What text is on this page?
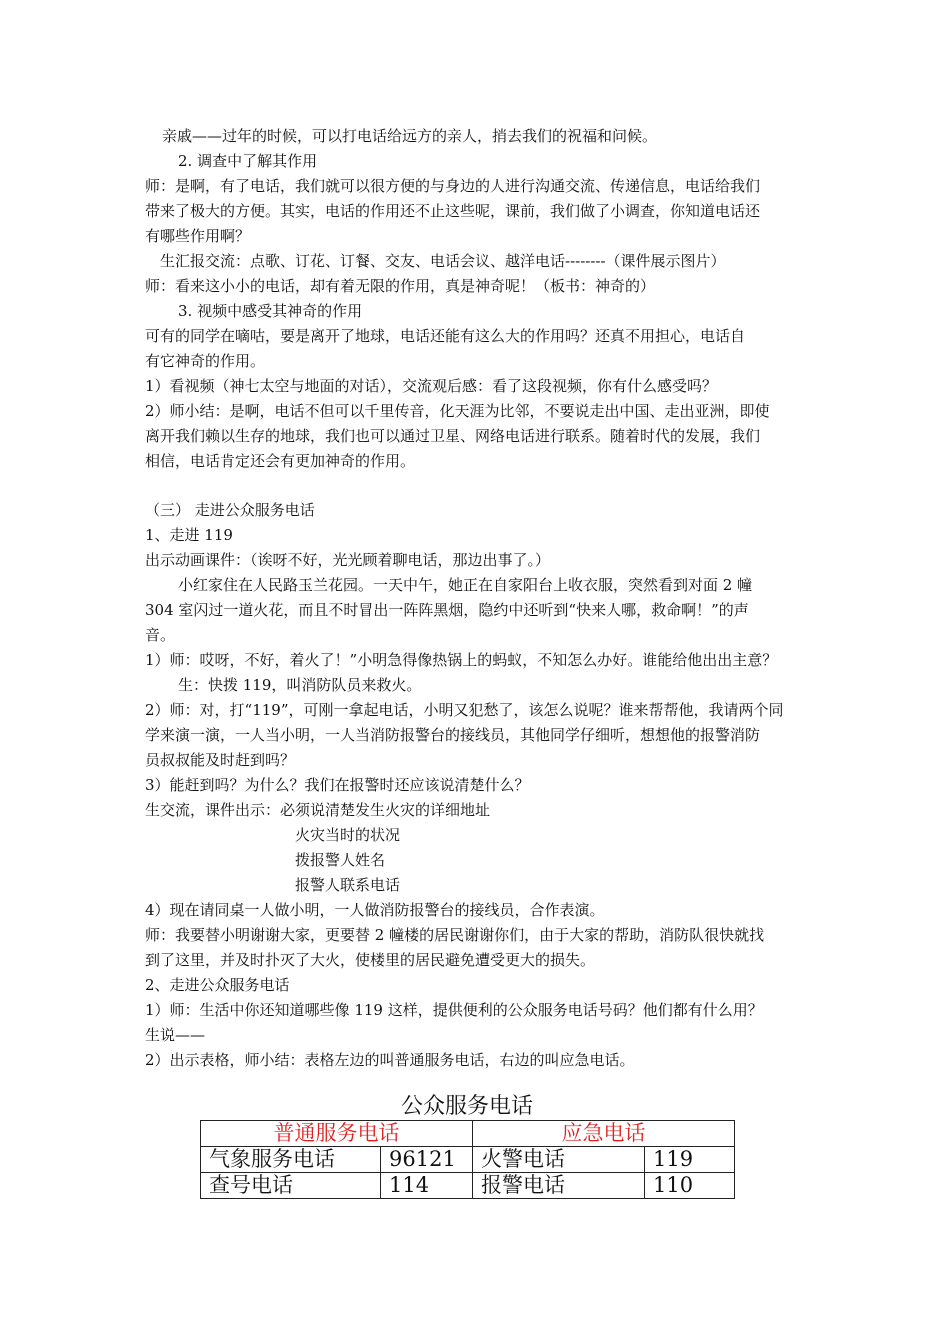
亲戚——过年的时候，可以打电话给远方的亲人，捎去我们的祝福和问候。
2. 调查中了解其作用
师：是啊，有了电话，我们就可以很方便的与身边的人进行沟通交流、传递信息，电话给我们
带来了极大的方便。其实，电话的作用还不止这些呢，课前，我们做了小调查，你知道电话还
有哪些作用啊？
生汇报交流：点歌、订花、订餐、交友、电话会议、越洋电话--------（课件展示图片）
师：看来这小小的电话，却有着无限的作用，真是神奇呢！（板书：神奇的）
3. 视频中感受其神奇的作用
可有的同学在嘀咕，要是离开了地球，电话还能有这么大的作用吗？还真不用担心，电话自
有它神奇的作用。
1）看视频（神七太空与地面的对话），交流观后感：看了这段视频，你有什么感受吗？
2）师小结：是啊，电话不但可以千里传音，化天涯为比邻，不要说走出中国、走出亚洲，即使
离开我们赖以生存的地球，我们也可以通过卫星、网络电话进行联系。随着时代的发展，我们
相信，电话肯定还会有更加神奇的作用。
（三） 走进公众服务电话
1、走进 119
出示动画课件：（诶呀不好，光光顾着聊电话，那边出事了。）
小红家住在人民路玉兰花园。一天中午，她正在自家阳台上收衣服，突然看到对面 2 幢
304 室闪过一道火花，而且不时冒出一阵阵黑烟，隐约中还听到“快来人哪，救命啊！”的声
音。
1）师：哎呀，不好，着火了！”小明急得像热锅上的蚂蚁，不知怎么办好。谁能给他出出主意？
生：快拨 119，叫消防队员来救火。
2）师：对，打“119”，可刚一拿起电话，小明又犯愁了，该怎么说呢？谁来帮帮他，我请两个同
学来演一演，一人当小明，一人当消防报警台的接线员，其他同学仔细听，想想他的报警消防
员叔叔能及时赶到吗？
3）能赶到吗？为什么？我们在报警时还应该说清楚什么？
生交流，课件出示：必须说清楚发生火灾的详细地址
火灾当时的状况
拨报警人姓名
报警人联系电话
4）现在请同桌一人做小明，一人做消防报警台的接线员，合作表演。
师：我要替小明谢谢大家，更要替 2 幢楼的居民谢谢你们，由于大家的帮助，消防队很快就找
到了这里，并及时扑灭了大火，使楼里的居民避免遭受更大的损失。
2、走进公众服务电话
1）师：生活中你还知道哪些像 119 这样，提供便利的公众服务电话号码？他们都有什么用？
生说——
2）出示表格，师小结：表格左边的叫普通服务电话，右边的叫应急电话。
公众服务电话
普通服务电话		应急电话	
气象服务电话	96121	火警电话	119
查号电话	114	报警电话	110
